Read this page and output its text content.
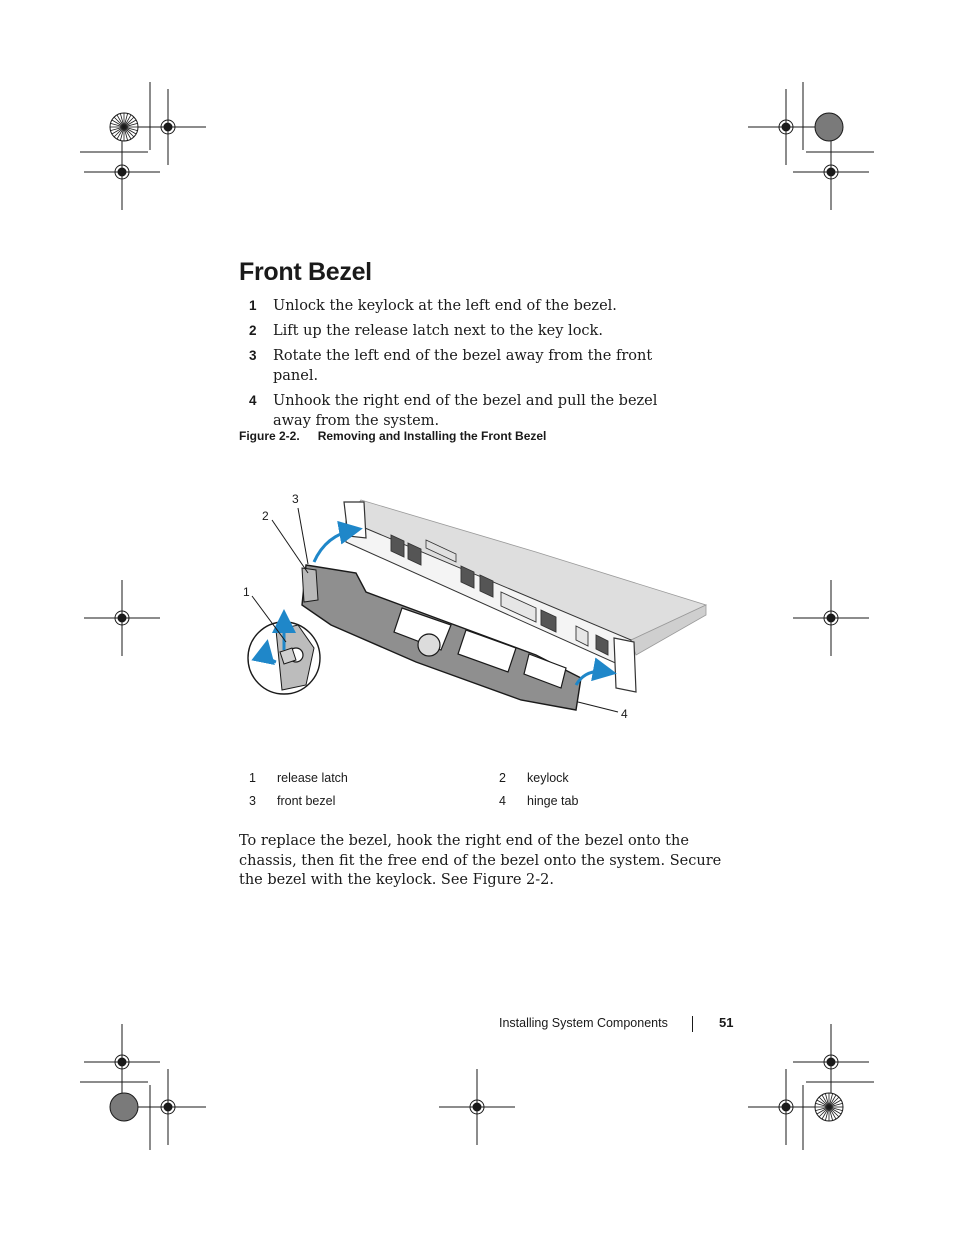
Front Bezel
1 Unlock the keylock at the left end of the bezel.
2 Lift up the release latch next to the key lock.
3 Rotate the left end of the bezel away from the front panel.
4 Unhook the right end of the bezel and pull the bezel away from the system.
Figure 2-2. Removing and Installing the Front Bezel
1
2
3
4
1 release latch	2 keylock
3 front bezel	4 hinge tab

To replace the bezel, hook the right end of the bezel onto the chassis, then fit the free end of the bezel onto the system. Secure the bezel with the keylock. See Figure 2-2.

Installing System Components	51
